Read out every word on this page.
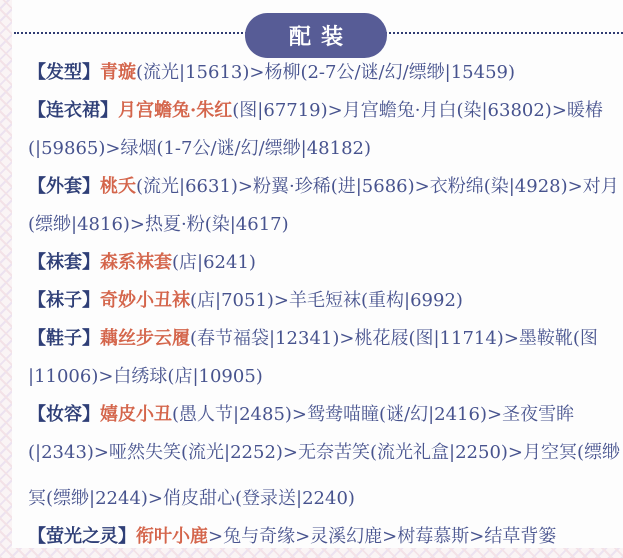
配装

【发型】青璇(流光|15613)>杨柳(2-7公/谜/幻/缥缈|15459)

【连衣裙】月宫蟾兔·朱红(图|67719)>月宫蟾兔·月白(染|63802)>暖椿
(|59865)>绿烟(1-7公/谜/幻/缥缈|48182)

【外套】桃夭(流光|6631)>粉翼·珍稀(进|5686)>衣粉绵(染|4928)>对月
(缥缈|4816)>热夏·粉(染|4617)

【袜套】森系袜套(店|6241)

【袜子】奇妙小丑袜(店|7051)>羊毛短袜(重构|6992)

【鞋子】藕丝步云履(春节福袋|12341)>桃花屐(图|11714)>墨鞍靴(图
|11006)>白绣球(店|10905)

【妆容】嬉皮小丑(愚人节|2485)>鸳鸯喵瞳(谜/幻|2416)>圣夜雪眸
(|2343)>哑然失笑(流光|2252)>无奈苦笑(流光礼盒|2250)>月空冥(缥缈
冥(缥缈|2244)>俏皮甜心(登录送|2240)

【萤光之灵】衔叶小鹿>兔与奇缘>灵溪幻鹿>树莓慕斯>结草背篓
